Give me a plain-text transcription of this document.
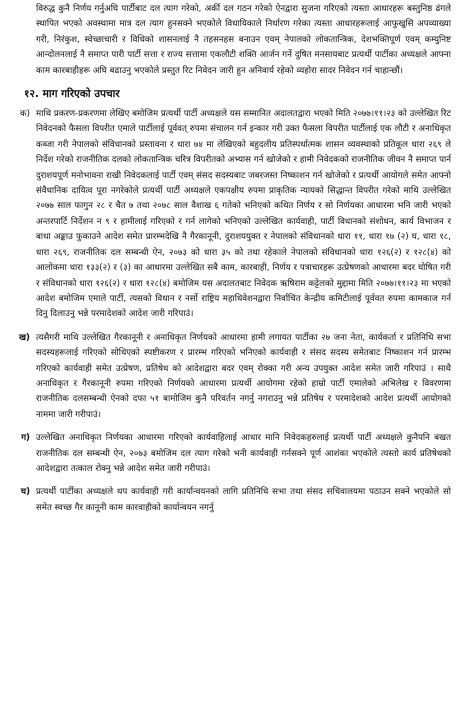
विरुद्ध कुनै निर्णय गर्नुअघि पार्टीबाट दल त्याग गरेको, अर्की दल गठन गरेको ऐनद्वारा सुजना गरिएको त्यस्ता आधारहरू बस्तुनिष्ठ ढंगले स्थापित भएको अवस्थामा मात्र दल त्याग हुनसक्ने भएकोले विधायिकाले निर्धारण गरेका त्यस्ता आधारहरूलाई आफुखुसि अपव्याख्या गरी, निरंकुश, स्वेच्छाचारी र विधिको शासनलाई नै तहसनहस बनाउन एवम् नेपालको लोकतान्त्रिक, देशभक्तिपूर्ण एवम् कम्युनिष्ट आन्दोलनलाई नै समाप्त पारी पार्टी सत्ता र राज्य सत्तामा एकलौटी शक्ति आर्जन गर्ने दुषित मनसायबाट प्रत्यर्थी पार्टीका अध्यक्षले आफ्ना काम कारबाहीहरू अघि बढाउनु भएकोले प्रस्तुत रिट निवेदन जारी हुन अनिवार्य रहेको व्यहोरा सादर निवेदन गर्न चाहान्छौं।

१२. माग गरिएको उपचार
क) माथि प्रकरण-प्रकरणमा लेखिए बमोजिम प्रत्यर्थी पार्टी अध्यक्षले यस सम्मानित अदालतद्वारा भएको मिति २०७७।११।२३ को उल्लेखित रिट निवेदनको फैसला विपरीत एमाले पार्टीलाई पूर्ववत् रुपमा संचालन गर्न इन्कार गरी उक्त फैसला विपरीत पार्टीलाई एक लौटी र अनाधिकृत कब्जा गरी नेपालको संविधानको प्रस्तावना र धारा ७४ मा लेखिएको बहुदलीय प्रतिस्पर्धात्मक शासन व्यवस्थाको प्रतिकूल धारा २६९ ले निर्देश गरेको राजनीतिक दलको लोकतान्त्रिक चरित्र विपरीतको अभ्यास गर्न खोजेको र हामी निवेदकको राजनीतिक जीवन नै समाप्त पार्न दुराशयपूर्ण मनोभावना राखी निवेदकलाई पार्टी एवम् संसद सदस्यबाट जबरजस्त निष्काशन गर्न खोजेको र प्रत्यर्थी आयोगले समेत आफ्नो संवैधानिक दायित्व पूरा नगरेकोले प्रत्यर्थी पार्टी अध्यक्षले एकपक्षीय रुपमा प्राकृतिक न्यायको सिद्धान्त विपरीत गरेको माथि उल्लेखित २०७७ साल फागुन २८ र चैत ७ तथा २०७८ साल वैशाख ६ गतेको भनिएको कथित निर्णय र सो निर्णयका आधारमा भनि जारी भएको अन्तरपार्टि निर्देशन न ९ र हामीलाई गरिएको र गर्न लागेको भनिएको उल्लेखित कार्यवाही, पार्टी विधानको संशोधन, कार्य विभाजन र बाधा अङ्काउ फुकाउने आदेश समेत प्रारम्भदेखि नै गैरकानूनी, दुराशययुक्त र नेपालको संविधानको धारा ११, धारा १७ (२) घ, धारा १८, धारा २६९, राजनीतिक दल सम्बन्धी ऐन, २०७३ को धारा ३५ को तथा रहेकाले नेपालको संविधानको धारा १२६(२) र १२८(४) को आलोकमा धारा १३३(२) र (३) का आधारमा उल्लेखित सबै काम, कारबाही, निर्णय र पत्राचारहरू उत्प्रेषणको आधारमा बदर घोषित गरी र संविधानको धारा १२६(२) र धारा १२८(४) बमोजिम यस अदालतबाट निवेदक ऋषिराम कट्टेलको मुद्दामा मिति २०७७।११।२३ मा भएको आदेश बमोजिम एमाले पार्टी, त्यसको विधान र नर्सो राष्ट्रिय महाधिवेशनद्वारा निर्वाचित केन्द्रीय कमिटीलाई पूर्ववत रुपमा कामकाज गर्न दिनु दिलाउनु भन्ने परमादेशको आदेश जारी गरिपाउं।

ख) त्यसैगरी माथि उल्लेखित गैरकानूनी र अनाधिकृत निर्णयको आधारमा हामी लगायत पार्टीका २७ जना नेता, कार्यकर्ता र प्रतिनिधि सभा सदस्यहरूलाई गरिएको सोधिएको स्पष्टीकरण र प्रारम्भ गरिएको भनिएको कार्यवाही र संसद सदस्य समेतबाट निष्काशन गर्न प्रारम्भ गरिएको कार्यवाही समेत उत्प्रेषण, प्रतिषेध को आदेशद्वारा बदर एवम् रोक्का गरी अन्य उपयुक्त आदेश समेत जारी गरिपाउं । साथै अनाधिकृत र गैरकानूनी रुपमा गरिएको निर्णयको आधारमा प्रत्यर्थी आयोगमा रहेको हाम्रो पार्टी एमालेको अभिलेख र विवरणमा राजनीतिक दलसम्बन्धी ऐनको दफा ५१ बामोजिम कुनै परिवर्तन नगर्नु नगराउनु भन्ने प्रतिषेध र परमादेशको आदेश प्रत्यर्थी आयोगको नाममा जारी गरीपाउं।

ग) उल्लेखित अनाधिकृत निर्णयका आधारमा गरिएको कार्यवाहिलाई आधार मानि निवेदकहरुलाई प्रत्यर्थी पार्टी अध्यक्षले कुनैपनि बखत राजनीतिक दल सम्बन्धी ऐन, २०७३ बमोजिम दल त्याग गरेको भनी कार्यवाही गर्नसक्ने पूर्ण आशंका भएकोले त्यस्तो कार्य प्रतिषेधको आदेशद्वारा तत्काल रोक्नु भन्ने आदेश समेत जारी गरीपाउं।

घ) प्रत्यर्थी पार्टीका अध्यक्षले थप कार्यवाही गरी कार्यान्वयनको लागि प्रतिनिधि सभा तथा संसद सचिवालयमा पठाउन सक्ने भएकोले सो समेत स्वच्छ गैर कानूनी काम कारवाहीको कार्यान्वयन नगर्नु
